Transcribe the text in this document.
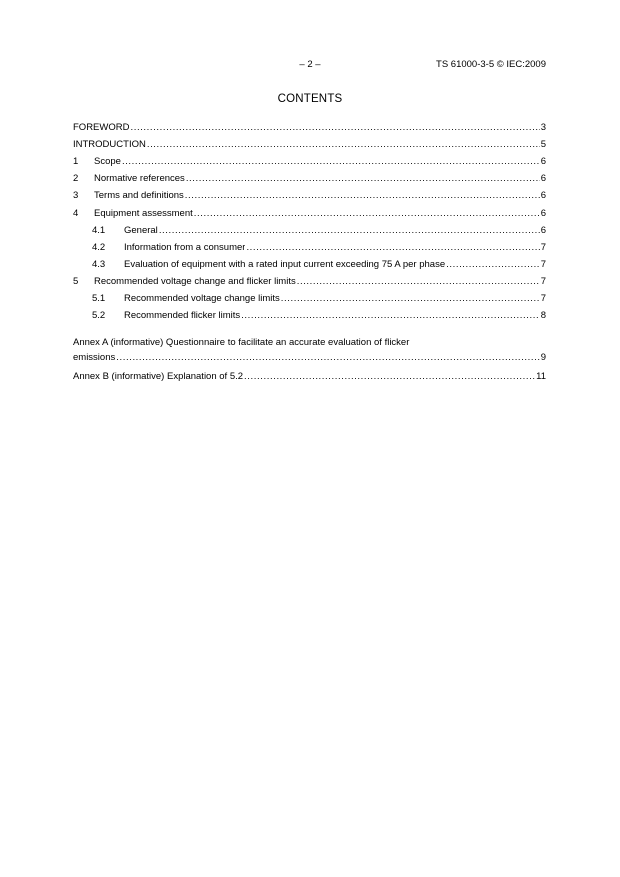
– 2 –	TS 61000-3-5 © IEC:2009
CONTENTS
FOREWORD .....	3
INTRODUCTION .....	5
1	Scope .....	6
2	Normative references .....	6
3	Terms and definitions .....	6
4	Equipment assessment .....	6
4.1	General .....	6
4.2	Information from a consumer .....	7
4.3	Evaluation of equipment with a rated input current exceeding 75 A per phase .....	7
5	Recommended voltage change and flicker limits .....	7
5.1	Recommended voltage change limits .....	7
5.2	Recommended flicker limits .....	8
Annex A (informative) Questionnaire to facilitate an accurate evaluation of flicker
emissions .....	9
Annex B (informative) Explanation of 5.2 .....	11
